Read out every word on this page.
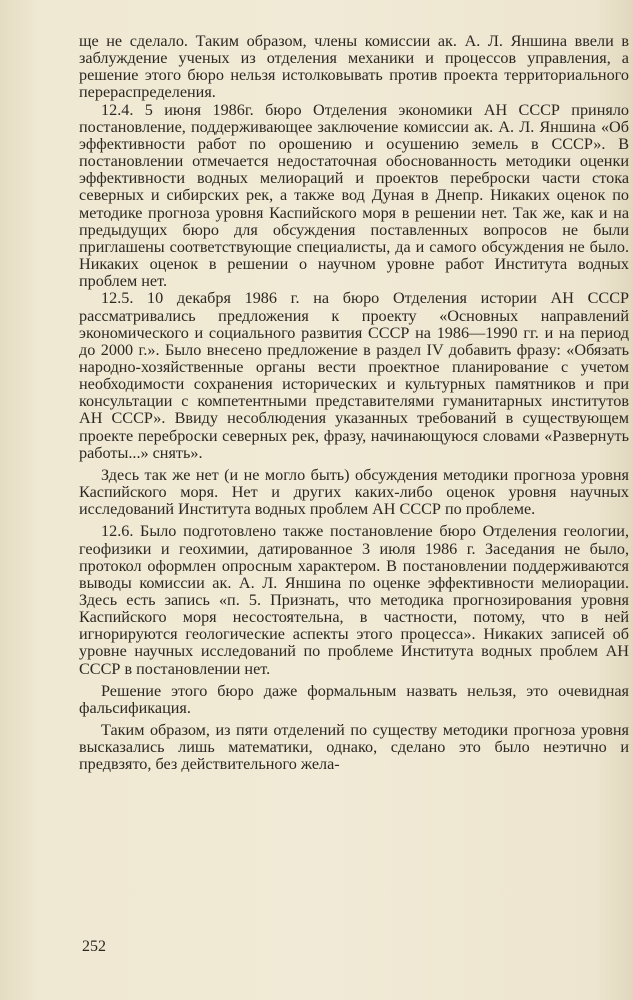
ще не сделало. Таким образом, члены комиссии ак. А. Л. Яншина ввели в заблуждение ученых из отделения механики и процессов управления, а решение этого бюро нельзя истолковывать против проекта территориального перераспределения.

12.4. 5 июня 1986г. бюро Отделения экономики АН СССР приняло постановление, поддерживающее заключение комиссии ак. А. Л. Яншина «Об эффективности работ по орошению и осушению земель в СССР». В постановлении отмечается недостаточная обоснованность методики оценки эффективности водных мелиораций и проектов переброски части стока северных и сибирских рек, а также вод Дуная в Днепр. Никаких оценок по методике прогноза уровня Каспийского моря в решении нет. Так же, как и на предыдущих бюро для обсуждения поставленных вопросов не были приглашены соответствующие специалисты, да и самого обсуждения не было. Никаких оценок в решении о научном уровне работ Института водных проблем нет.

12.5. 10 декабря 1986 г. на бюро Отделения истории АН СССР рассматривались предложения к проекту «Основных направлений экономического и социального развития СССР на 1986—1990 гг. и на период до 2000 г.». Было внесено предложение в раздел IV добавить фразу: «Обязать народно-хозяйственные органы вести проектное планирование с учетом необходимости сохранения исторических и культурных памятников и при консультации с компетентными представителями гуманитарных институтов АН СССР». Ввиду несоблюдения указанных требований в существующем проекте переброски северных рек, фразу, начинающуюся словами «Развернуть работы...» снять».

Здесь так же нет (и не могло быть) обсуждения методики прогноза уровня Каспийского моря. Нет и других каких-либо оценок уровня научных исследований Института водных проблем АН СССР по проблеме.

12.6. Было подготовлено также постановление бюро Отделения геологии, геофизики и геохимии, датированное 3 июля 1986 г. Заседания не было, протокол оформлен опросным характером. В постановлении поддерживаются выводы комиссии ак. А. Л. Яншина по оценке эффективности мелиорации. Здесь есть запись «п. 5. Признать, что методика прогнозирования уровня Каспийского моря несостоятельна, в частности, потому, что в ней игнорируются геологические аспекты этого процесса». Никаких записей об уровне научных исследований по проблеме Института водных проблем АН СССР в постановлении нет.

Решение этого бюро даже формальным назвать нельзя, это очевидная фальсификация.

Таким образом, из пяти отделений по существу методики прогноза уровня высказались лишь математики, однако, сделано это было неэтично и предвзято, без действительного жела-

252
